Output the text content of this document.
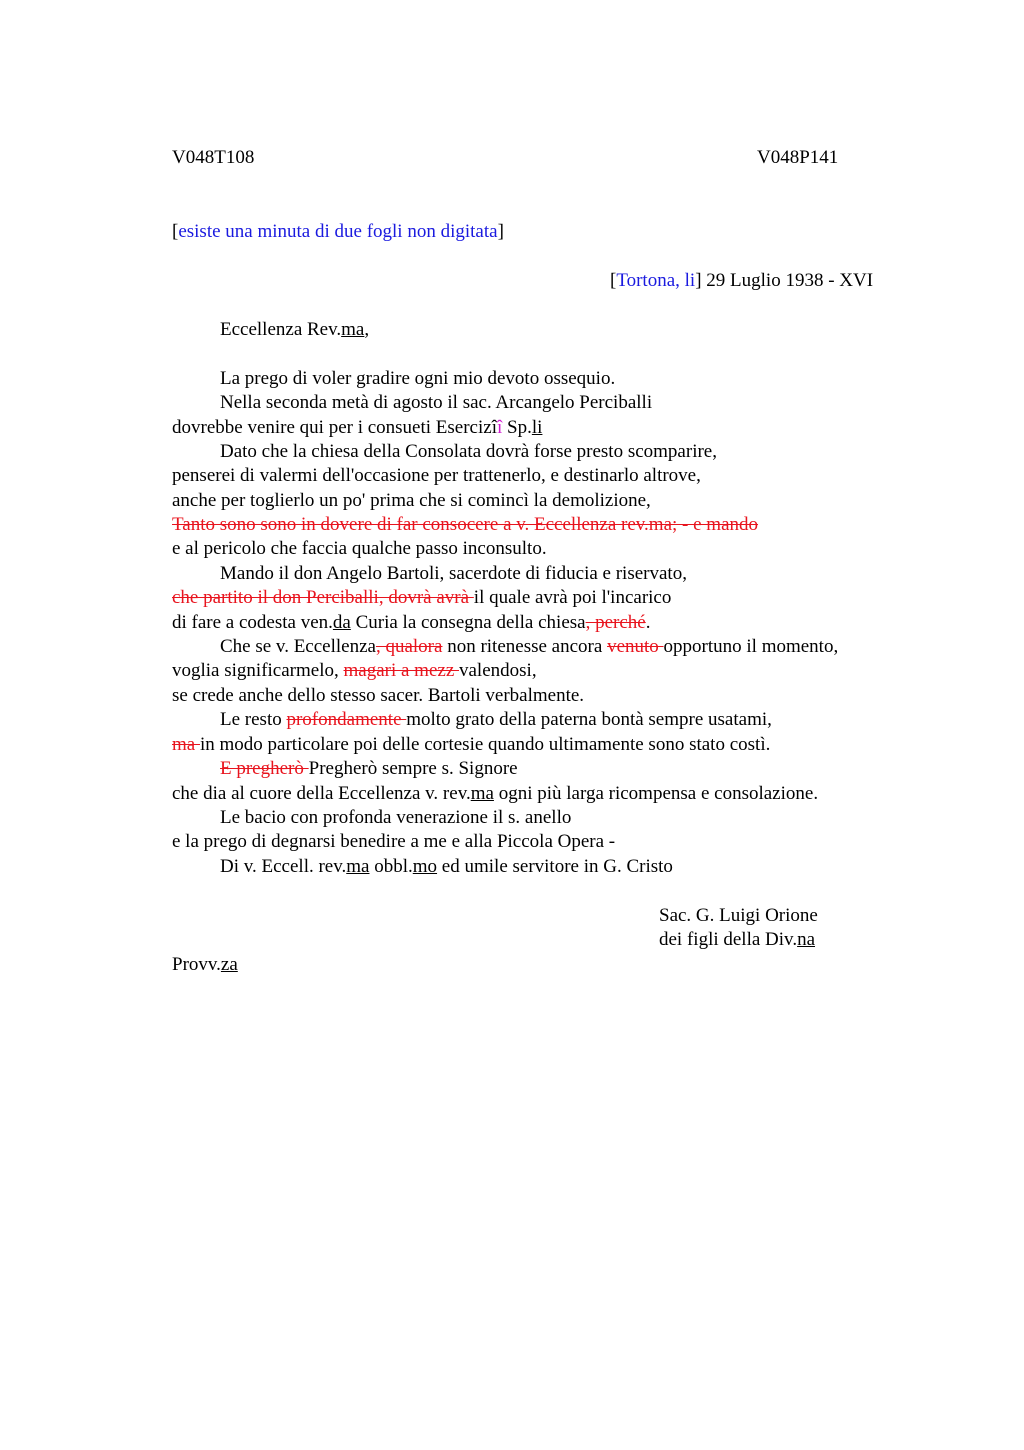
V048T108	V048P141
[esiste una minuta di due fogli non digitata]
[Tortona, li] 29 Luglio 1938 - XVI
Eccellenza Rev.ma,
La prego di voler gradire ogni mio devoto ossequio.
Nella seconda metà di agosto il sac. Arcangelo Perciballi
dovrebbe venire qui per i consueti Esercizîî Sp.li
Dato che la chiesa della Consolata dovrà forse presto scomparire,
penserei di valermi dell'occasione per trattenerlo, e destinarlo altrove,
anche per toglierlo un po' prima che si comincì la demolizione,
Tanto sono sono in dovere di far consocere a v. Eccellenza rev.ma; - e mando
e al pericolo che faccia qualche passo inconsulto.
Mando il don Angelo Bartoli, sacerdote di fiducia e riservato,
che partito il don Perciballi, dovrà avrà il quale avrà poi l'incarico
di fare a codesta ven.da Curia la consegna della chiesa, perché.
Che se v. Eccellenza, qualora non ritenesse ancora venuto opportuno il momento,
voglia significarmelo, magari a mezz valendosi,
se crede anche dello stesso sacer. Bartoli verbalmente.
Le resto profondamente molto grato della paterna bontà sempre usatami,
ma in modo particolare poi delle cortesie quando ultimamente sono stato costì.
E pregherò Pregherò sempre s. Signore
che dia al cuore della Eccellenza v. rev.ma ogni più larga ricompensa e consolazione.
Le bacio con profonda venerazione il s. anello
e la prego di degnarsi benedire a me e alla Piccola Opera -
Di v. Eccell. rev.ma obbl.mo ed umile servitore in G. Cristo
Sac. G. Luigi Orione
dei figli della Div.na
Provv.za
